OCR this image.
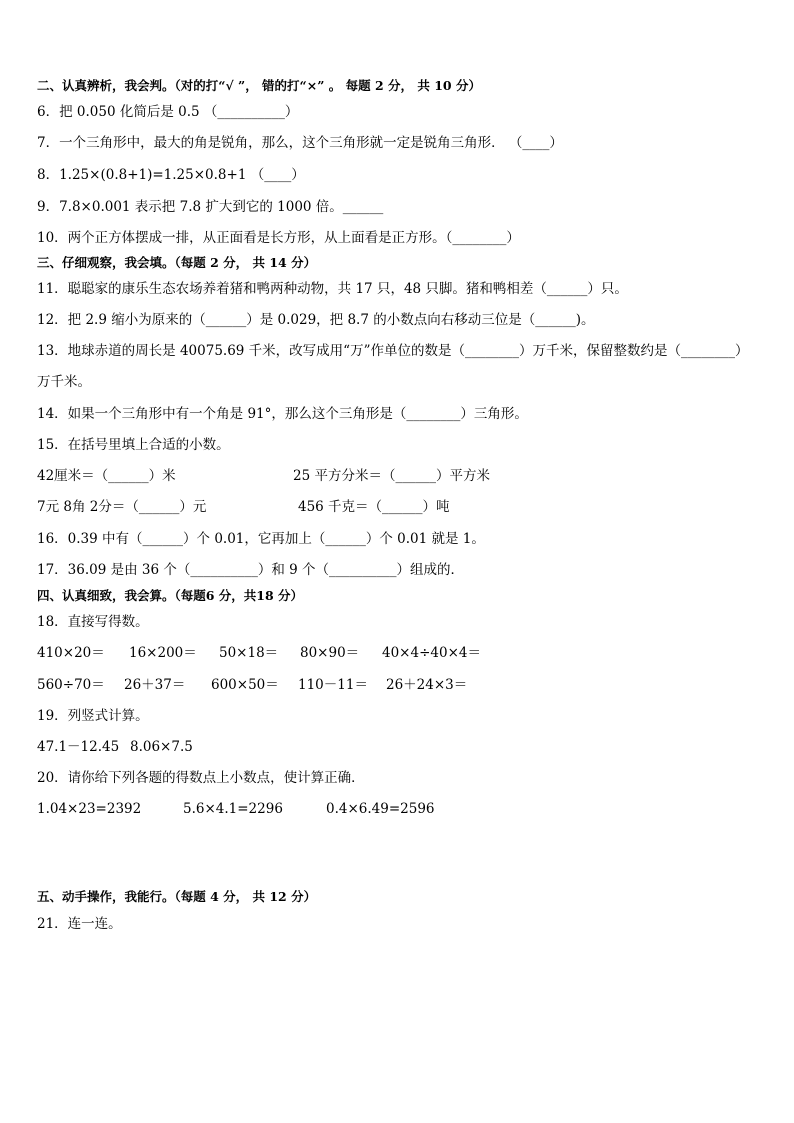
二、认真辨析，我会判。（对的打“√ ”， 错的打“×” 。 每题 2 分， 共 10 分）
6．把 0.050 化简后是 0.5 （__________）
7．一个三角形中，最大的角是锐角，那么，这个三角形就一定是锐角三角形． （____）
8．1.25×(0.8+1)=1.25×0.8+1 （____）
9．7.8×0.001 表示把 7.8 扩大到它的 1000 倍。______
10．两个正方体摆成一排，从正面看是长方形，从上面看是正方形。（________）
三、仔细观察，我会填。（每题 2 分， 共 14 分）
11．聪聪家的康乐生态农场养着猪和鸭两种动物，共 17 只，48 只脚。猪和鸭相差（______）只。
12．把 2.9 缩小为原来的（______）是 0.029，把 8.7 的小数点向右移动三位是（______)。
13．地球赤道的周长是 40075.69 千米，改写成用“万”作单位的数是（________）万千米，保留整数约是（________）
万千米。
14．如果一个三角形中有一个角是 91°，那么这个三角形是（________）三角形。
15．在括号里填上合适的小数。
42厘米＝（______）米	25 平方分米＝（______）平方米
7元 8角 2分＝（______）元	456 千克＝（______）吨
16．0.39 中有（______）个 0.01，它再加上（______）个 0.01 就是 1。
17．36.09 是由 36 个（__________）和 9 个（__________）组成的．
四、认真细致，我会算。（每题6 分，共18 分）
18．直接写得数。
410×20＝ 16×200＝ 50×18＝ 80×90＝ 40×4÷40×4＝
560÷70＝ 26＋37＝ 600×50＝ 110－11＝ 26＋24×3＝
19．列竖式计算。
47.1－12.45 8.06×7.5
20．请你给下列各题的得数点上小数点，使计算正确．
1.04×23=2392	5.6×4.1=2296	0.4×6.49=2596
五、动手操作，我能行。（每题 4 分， 共 12 分）
21．连一连。
